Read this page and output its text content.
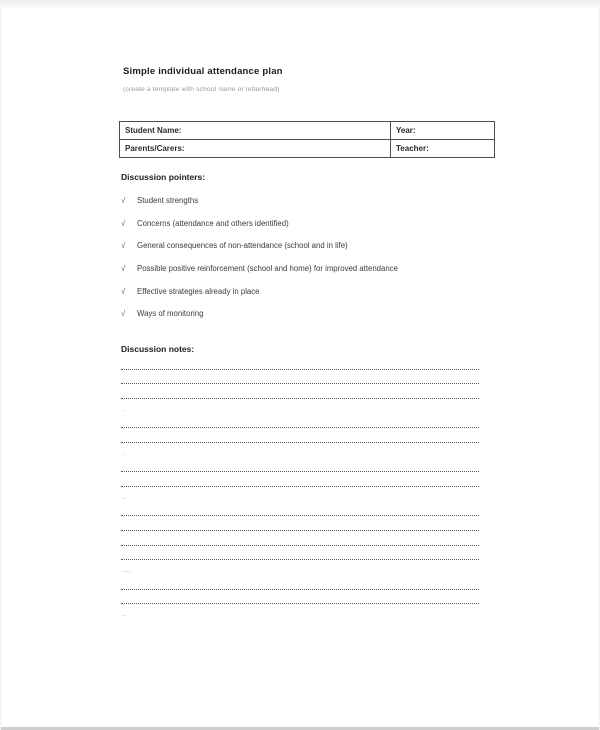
Simple individual attendance plan
(create a template with school name or letterhead)
Student Name:	Year:
Parents/Carers:	Teacher:
Discussion pointers:
√	Student strengths
√	Concerns (attendance and others identified)
√	General consequences of non-attendance (school and in life)
√	Possible positive reinforcement (school and home) for improved attendance
√	Effective strategies already in place
√	Ways of monitoring
Discussion notes:
.
.
..
....
..
